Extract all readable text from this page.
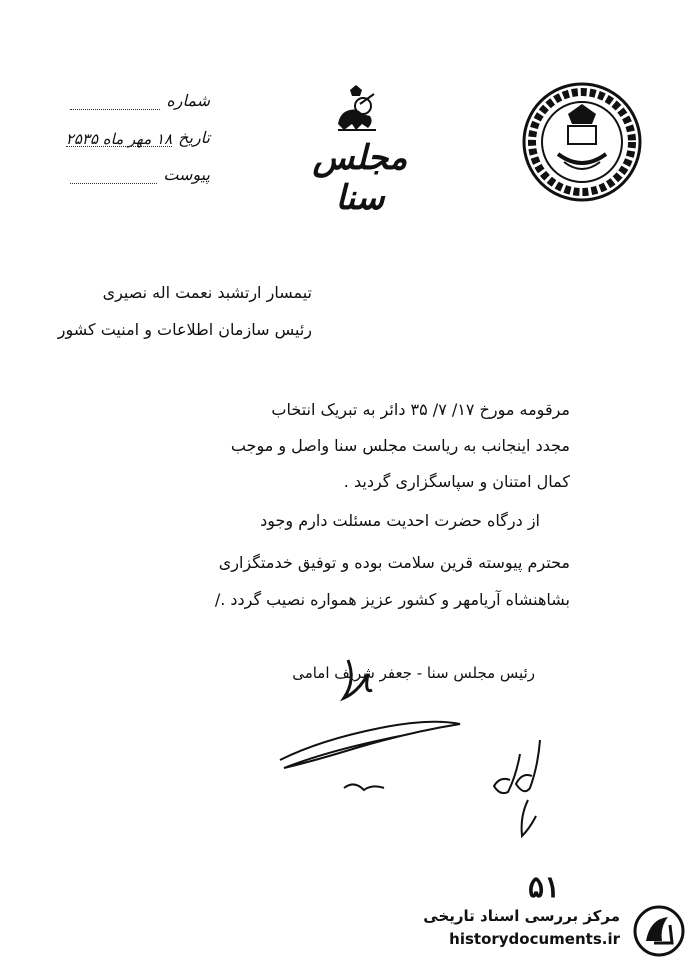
شماره
تاریخ
۱۸ مهر ماه ۲۵۳۵
پیوست	مجلس سنا
تیمسار ارتشبد نعمت اله نصیری
رئیس سازمان اطلاعات و امنیت کشور
مرقومه مورخ ۱۷/ ۷/ ۳۵ دائر به تبریک انتخاب
مجدد اینجانب به ریاست مجلس سنا واصل و موجب
کمال امتنان و سپاسگزاری گردید .
از درگاه حضرت احدیت مسئلت دارم وجود
محترم پیوسته قرین سلامت بوده و توفیق خدمتگزاری
بشاهنشاه آریامهر و کشور عزیز همواره نصیب گردد ./
رئیس مجلس سنا - جعفر شریف امامی
۵۱
مرکز بررسی اسناد تاریخی
historydocuments.ir
